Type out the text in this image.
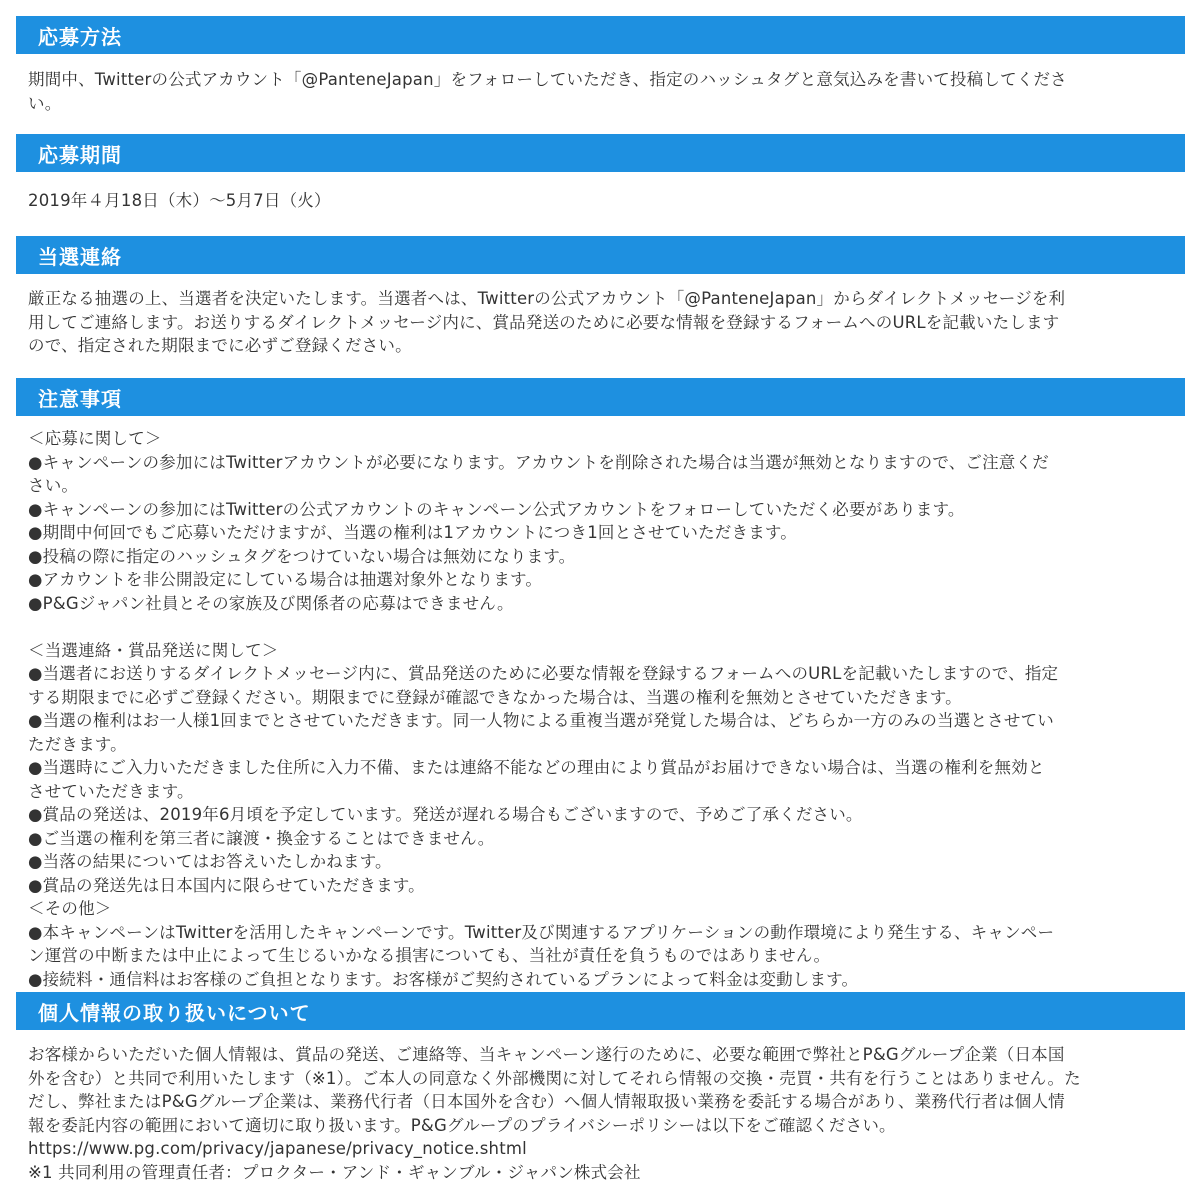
応募方法
期間中、Twitterの公式アカウント「@PanteneJapan」をフォローしていただき、指定のハッシュタグと意気込みを書いて投稿してくださ
い。
応募期間
2019年４月18日（木）～5月7日（火）
当選連絡
厳正なる抽選の上、当選者を決定いたします。当選者へは、Twitterの公式アカウント「@PanteneJapan」からダイレクトメッセージを利
用してご連絡します。お送りするダイレクトメッセージ内に、賞品発送のために必要な情報を登録するフォームへのURLを記載いたします
ので、指定された期限までに必ずご登録ください。
注意事項
＜応募に関して＞
●キャンペーンの参加にはTwitterアカウントが必要になります。アカウントを削除された場合は当選が無効となりますので、ご注意くだ
さい。
●キャンペーンの参加にはTwitterの公式アカウントのキャンペーン公式アカウントをフォローしていただく必要があります。
●期間中何回でもご応募いただけますが、当選の権利は1アカウントにつき1回とさせていただきます。
●投稿の際に指定のハッシュタグをつけていない場合は無効になります。
●アカウントを非公開設定にしている場合は抽選対象外となります。
●P&Gジャパン社員とその家族及び関係者の応募はできません。

＜当選連絡・賞品発送に関して＞
●当選者にお送りするダイレクトメッセージ内に、賞品発送のために必要な情報を登録するフォームへのURLを記載いたしますので、指定
する期限までに必ずご登録ください。期限までに登録が確認できなかった場合は、当選の権利を無効とさせていただきます。
●当選の権利はお一人様1回までとさせていただきます。同一人物による重複当選が発覚した場合は、どちらか一方のみの当選とさせてい
ただきます。
●当選時にご入力いただきました住所に入力不備、または連絡不能などの理由により賞品がお届けできない場合は、当選の権利を無効と
させていただきます。
●賞品の発送は、2019年6月頃を予定しています。発送が遅れる場合もございますので、予めご了承ください。
●ご当選の権利を第三者に譲渡・換金することはできません。
●当落の結果についてはお答えいたしかねます。
●賞品の発送先は日本国内に限らせていただきます。
＜その他＞
●本キャンペーンはTwitterを活用したキャンペーンです。Twitter及び関連するアプリケーションの動作環境により発生する、キャンペー
ン運営の中断または中止によって生じるいかなる損害についても、当社が責任を負うものではありません。
●接続料・通信料はお客様のご負担となります。お客様がご契約されているプランによって料金は変動します。
個人情報の取り扱いについて
お客様からいただいた個人情報は、賞品の発送、ご連絡等、当キャンペーン遂行のために、必要な範囲で弊社とP&Gグループ企業（日本国
外を含む）と共同で利用いたします（※1）。ご本人の同意なく外部機関に対してそれら情報の交換・売買・共有を行うことはありません。た
だし、弊社またはP&Gグループ企業は、業務代行者（日本国外を含む）へ個人情報取扱い業務を委託する場合があり、業務代行者は個人情
報を委託内容の範囲において適切に取り扱います。P&Gグループのプライバシーポリシーは以下をご確認ください。
https://www.pg.com/privacy/japanese/privacy_notice.shtml
※1 共同利用の管理責任者：プロクター・アンド・ギャンブル・ジャパン株式会社
